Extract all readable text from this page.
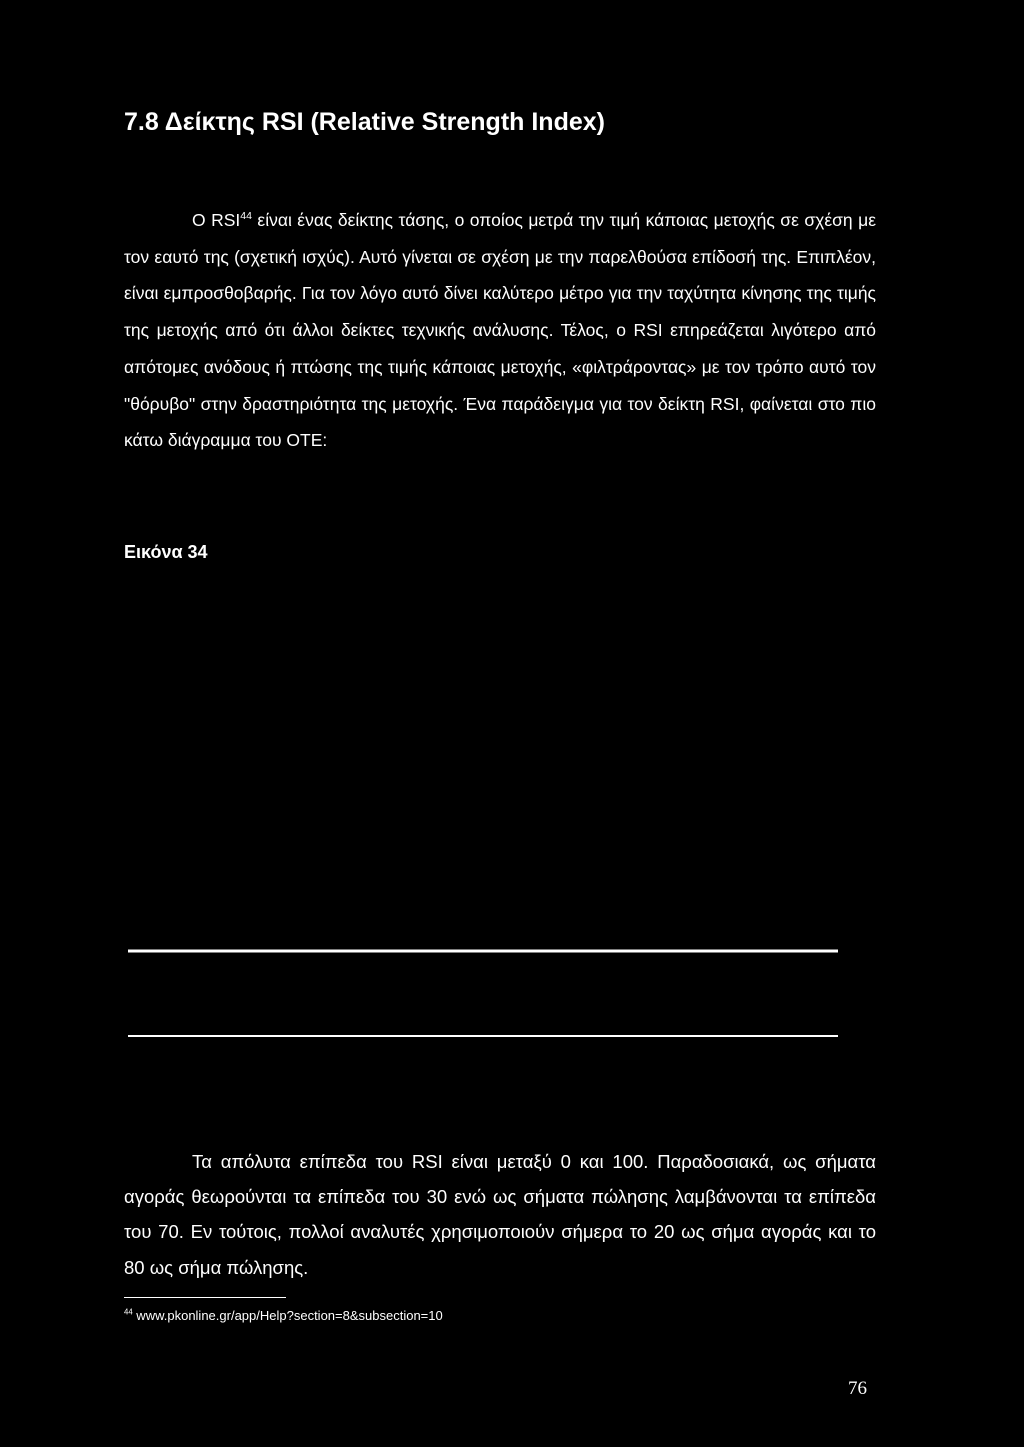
7.8 Δείκτης RSI (Relative Strength Index)

Ο RSI$^{44}$ είναι ένας δείκτης τάσης, ο οποίος μετρά την τιμή κάποιας μετοχής σε σχέση με τον εαυτό της (σχετική ισχύς). Αυτό γίνεται σε σχέση με την παρελθούσα επίδοσή της. Επιπλέον, είναι εμπροσθοβαρής. Για τον λόγο αυτό δίνει καλύτερο μέτρο για την ταχύτητα κίνησης της τιμής της μετοχής από ότι άλλοι δείκτες τεχνικής ανάλυσης. Τέλος, ο RSI επηρεάζεται λιγότερο από απότομες ανόδους ή πτώσης της τιμής κάποιας μετοχής, «φιλτράροντας» με τον τρόπο αυτό τον "θόρυβο" στην δραστηριότητα της μετοχής. Ένα παράδειγμα για τον δείκτη RSI, φαίνεται στο πιο κάτω διάγραμμα του ΟΤΕ:

Εικόνα 34

Τα απόλυτα επίπεδα του RSI είναι μεταξύ 0 και 100. Παραδοσιακά, ως σήματα αγοράς θεωρούνται τα επίπεδα του 30 ενώ ως σήματα πώλησης λαμβάνονται τα επίπεδα του 70. Εν τούτοις, πολλοί αναλυτές χρησιμοποιούν σήμερα το 20 ως σήμα αγοράς και το 80 ως σήμα πώλησης.

$^{44}$ www.pkonline.gr/app/Help?section=8&subsection=10

76
